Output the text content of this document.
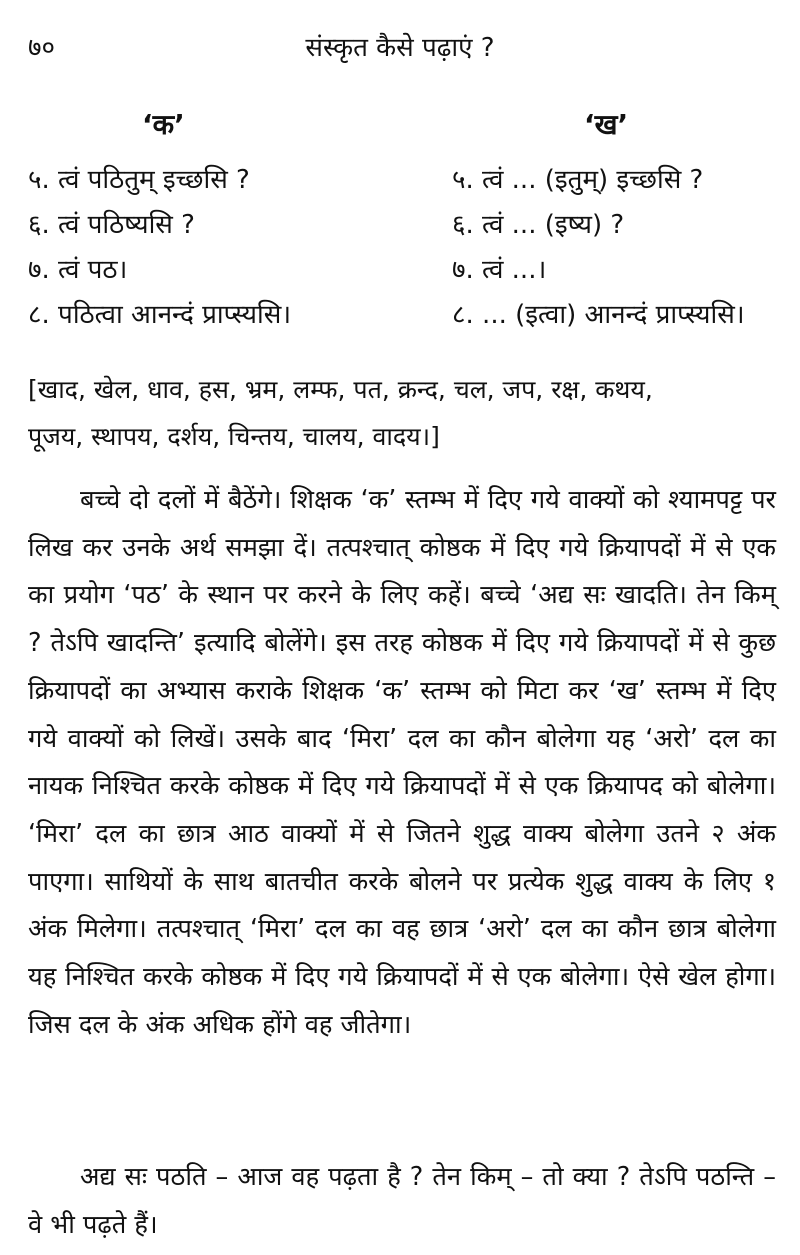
७०	संस्कृत कैसे पढ़ाएं ?
‘क’	‘ख’
५. त्वं पठितुम् इच्छसि ?	५. त्वं ... (इतुम्) इच्छसि ?
६. त्वं पठिष्यसि ?	६. त्वं ... (इष्य) ?
७. त्वं पठ।	७. त्वं ...।
८. पठित्वा आनन्दं प्राप्स्यसि।	८. ... (इत्वा) आनन्दं प्राप्स्यसि।

[खाद, खेल, धाव, हस, भ्रम, लम्फ, पत, क्रन्द, चल, जप, रक्ष, कथय,

पूजय, स्थापय, दर्शय, चिन्तय, चालय, वादय।]

बच्चे दो दलों में बैठेंगे। शिक्षक ‘क’ स्तम्भ में दिए गये वाक्यों को श्यामपट्ट पर लिख कर उनके अर्थ समझा दें। तत्पश्चात् कोष्ठक में दिए गये क्रियापदों में से एक का प्रयोग ‘पठ’ के स्थान पर करने के लिए कहें। बच्चे ‘अद्य सः खादति। तेन किम् ? तेऽपि खादन्ति’ इत्यादि बोलेंगे। इस तरह कोष्ठक में दिए गये क्रियापदों में से कुछ क्रियापदों का अभ्यास कराके शिक्षक ‘क’ स्तम्भ को मिटा कर ‘ख’ स्तम्भ में दिए गये वाक्यों को लिखें। उसके बाद ‘मिरा’ दल का कौन बोलेगा यह ‘अरो’ दल का नायक निश्चित करके कोष्ठक में दिए गये क्रियापदों में से एक क्रियापद को बोलेगा। ‘मिरा’ दल का छात्र आठ वाक्यों में से जितने शुद्ध वाक्य बोलेगा उतने २ अंक पाएगा। साथियों के साथ बातचीत करके बोलने पर प्रत्येक शुद्ध वाक्य के लिए १ अंक मिलेगा। तत्पश्चात् ‘मिरा’ दल का वह छात्र ‘अरो’ दल का कौन छात्र बोलेगा यह निश्चित करके कोष्ठक में दिए गये क्रियापदों में से एक बोलेगा। ऐसे खेल होगा। जिस दल के अंक अधिक होंगे वह जीतेगा।

अद्य सः पठति – आज वह पढ़ता है ? तेन किम् – तो क्या ? तेऽपि पठन्ति – वे भी पढ़ते हैं।
